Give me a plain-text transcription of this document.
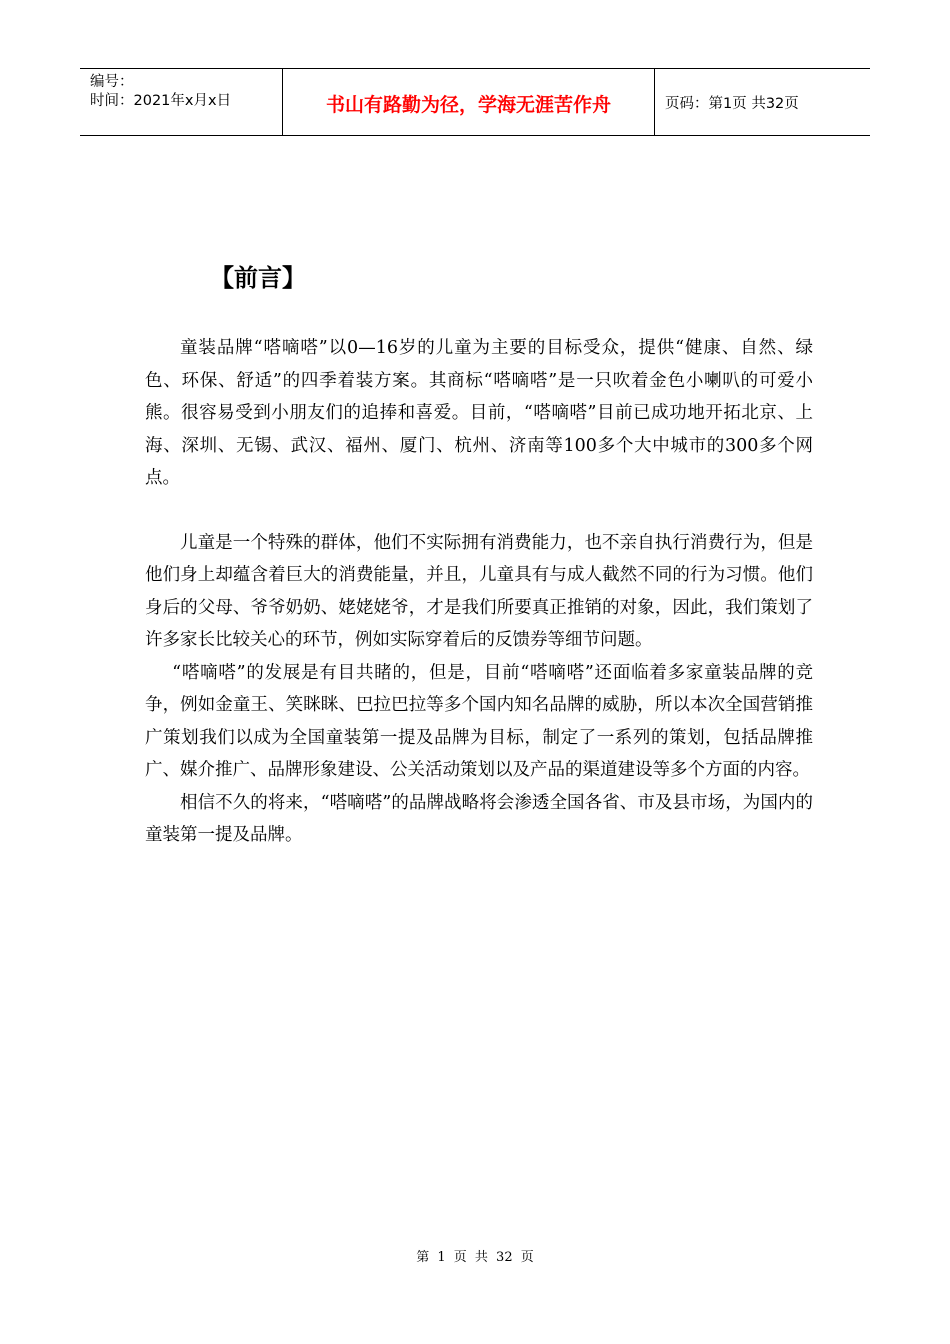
编号：
时间：2021年x月x日	书山有路勤为径，学海无涯苦作舟	页码：第1页 共32页
【前言】

童装品牌“嗒嘀嗒”以0—16岁的儿童为主要的目标受众，提供“健康、自然、绿色、环保、舒适”的四季着装方案。其商标“嗒嘀嗒”是一只吹着金色小喇叭的可爱小熊。很容易受到小朋友们的追捧和喜爱。目前，“嗒嘀嗒”目前已成功地开拓北京、上海、深圳、无锡、武汉、福州、厦门、杭州、济南等100多个大中城市的300多个网点。

儿童是一个特殊的群体，他们不实际拥有消费能力，也不亲自执行消费行为，但是他们身上却蕴含着巨大的消费能量，并且，儿童具有与成人截然不同的行为习惯。他们身后的父母、爷爷奶奶、姥姥姥爷，才是我们所要真正推销的对象，因此，我们策划了许多家长比较关心的环节，例如实际穿着后的反馈券等细节问题。

“嗒嘀嗒”的发展是有目共睹的，但是，目前“嗒嘀嗒”还面临着多家童装品牌的竞争，例如金童王、笑眯眯、巴拉巴拉等多个国内知名品牌的威胁，所以本次全国营销推广策划我们以成为全国童装第一提及品牌为目标，制定了一系列的策划，包括品牌推广、媒介推广、品牌形象建设、公关活动策划以及产品的渠道建设等多个方面的内容。

相信不久的将来，“嗒嘀嗒”的品牌战略将会渗透全国各省、市及县市场，为国内的童装第一提及品牌。

第 1 页 共 32 页
